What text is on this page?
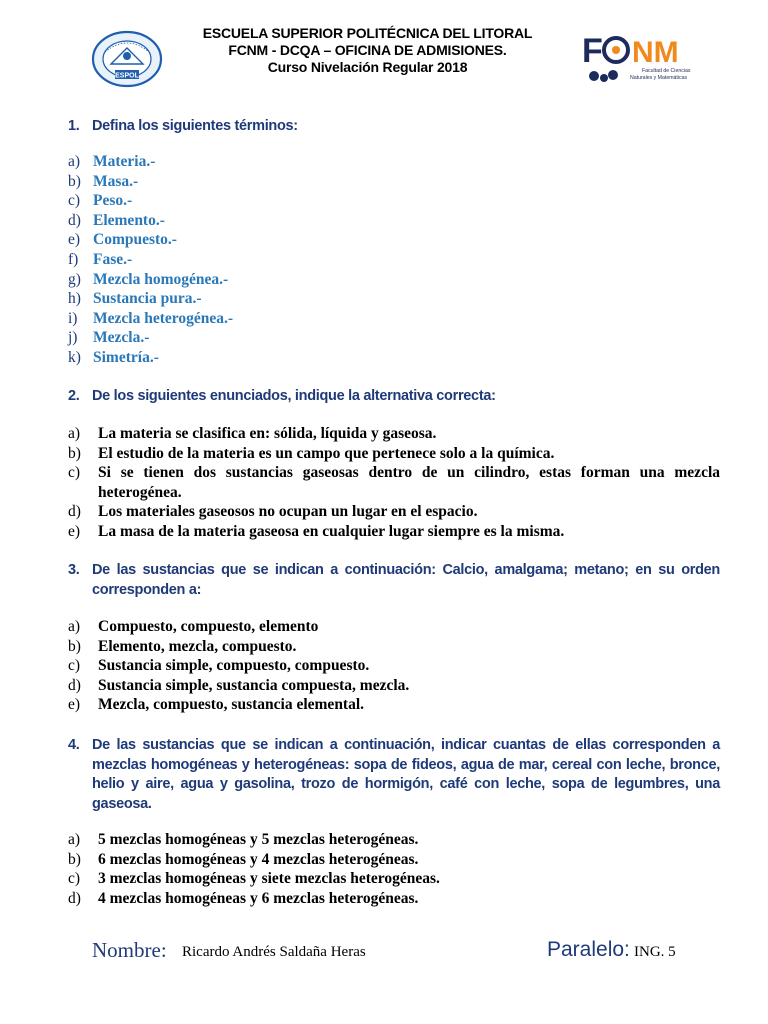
ESPOL
ESCUELA SUPERIOR POLITÉCNICA DEL LITORAL
FCNM - DCQA – OFICINA DE ADMISIONES.
Curso Nivelación Regular 2018	F NM
Facultad de Ciencias
Naturales y Matemáticas
1. Defina los siguientes términos:
a) Materia.-
b) Masa.-
c) Peso.-
d) Elemento.-
e) Compuesto.-
f) Fase.-
g) Mezcla homogénea.-
h) Sustancia pura.-
i) Mezcla heterogénea.-
j) Mezcla.-
k) Simetría.-
2. De los siguientes enunciados, indique la alternativa correcta:
a) La materia se clasifica en: sólida, líquida y gaseosa.
b) El estudio de la materia es un campo que pertenece solo a la química.
c) Si se tienen dos sustancias gaseosas dentro de un cilindro, estas forman una mezcla heterogénea.
d) Los materiales gaseosos no ocupan un lugar en el espacio.
e) La masa de la materia gaseosa en cualquier lugar siempre es la misma.
3. De las sustancias que se indican a continuación: Calcio, amalgama; metano; en su orden corresponden a:
a) Compuesto, compuesto, elemento
b) Elemento, mezcla, compuesto.
c) Sustancia simple, compuesto, compuesto.
d) Sustancia simple, sustancia compuesta, mezcla.
e) Mezcla, compuesto, sustancia elemental.
4. De las sustancias que se indican a continuación, indicar cuantas de ellas corresponden a mezclas homogéneas y heterogéneas: sopa de fideos, agua de mar, cereal con leche, bronce, helio y aire, agua y gasolina, trozo de hormigón, café con leche, sopa de legumbres, una gaseosa.
a) 5 mezclas homogéneas y 5 mezclas heterogéneas.
b) 6 mezclas homogéneas y 4 mezclas heterogéneas.
c) 3 mezclas homogéneas y siete mezclas heterogéneas.
d) 4 mezclas homogéneas y 6 mezclas heterogéneas.
Nombre: Ricardo Andrés Saldaña Heras	Paralelo: ING. 5
